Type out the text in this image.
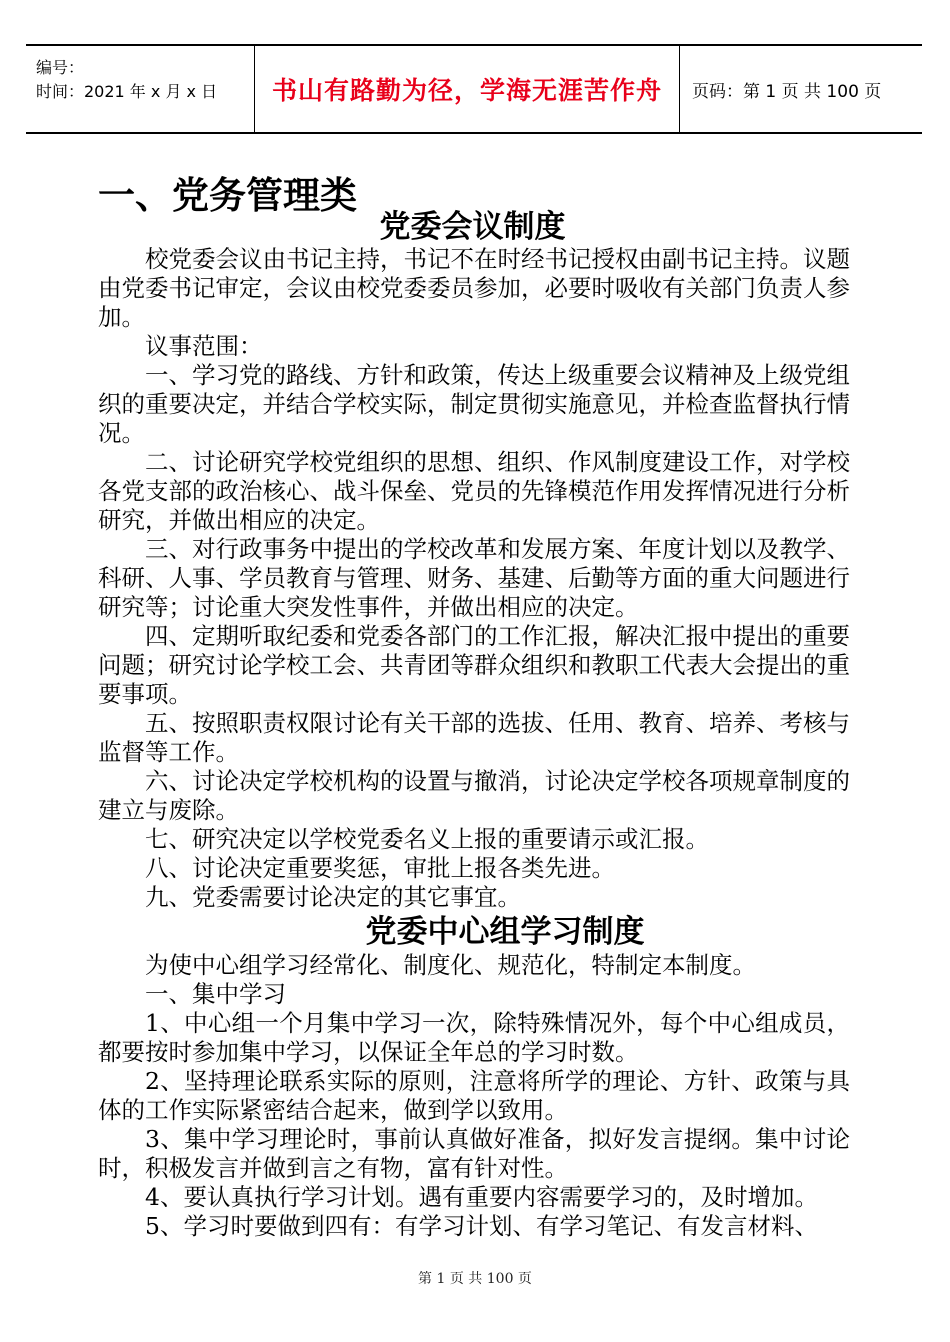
编号：
时间：2021 年 x 月 x 日	书山有路勤为径，学海无涯苦作舟	页码：第 1 页 共 100 页
一、党务管理类
党委会议制度

校党委会议由书记主持，书记不在时经书记授权由副书记主持。议题由党委书记审定，会议由校党委委员参加，必要时吸收有关部门负责人参加。

议事范围：

一、学习党的路线、方针和政策，传达上级重要会议精神及上级党组织的重要决定，并结合学校实际，制定贯彻实施意见，并检查监督执行情况。

二、讨论研究学校党组织的思想、组织、作风制度建设工作，对学校各党支部的政治核心、战斗保垒、党员的先锋模范作用发挥情况进行分析研究，并做出相应的决定。

三、对行政事务中提出的学校改革和发展方案、年度计划以及教学、科研、人事、学员教育与管理、财务、基建、后勤等方面的重大问题进行研究等；讨论重大突发性事件，并做出相应的决定。

四、定期听取纪委和党委各部门的工作汇报，解决汇报中提出的重要问题；研究讨论学校工会、共青团等群众组织和教职工代表大会提出的重要事项。

五、按照职责权限讨论有关干部的选拔、任用、教育、培养、考核与监督等工作。

六、讨论决定学校机构的设置与撤消，讨论决定学校各项规章制度的建立与废除。

七、研究决定以学校党委名义上报的重要请示或汇报。

八、讨论决定重要奖惩，审批上报各类先进。

九、党委需要讨论决定的其它事宜。

党委中心组学习制度

为使中心组学习经常化、制度化、规范化，特制定本制度。

一、集中学习

1、中心组一个月集中学习一次，除特殊情况外，每个中心组成员，都要按时参加集中学习，以保证全年总的学习时数。

2、坚持理论联系实际的原则，注意将所学的理论、方针、政策与具体的工作实际紧密结合起来，做到学以致用。

3、集中学习理论时，事前认真做好准备，拟好发言提纲。集中讨论时，积极发言并做到言之有物，富有针对性。

4、要认真执行学习计划。遇有重要内容需要学习的，及时增加。

5、学习时要做到四有：有学习计划、有学习笔记、有发言材料、

第 1 页 共 100 页
